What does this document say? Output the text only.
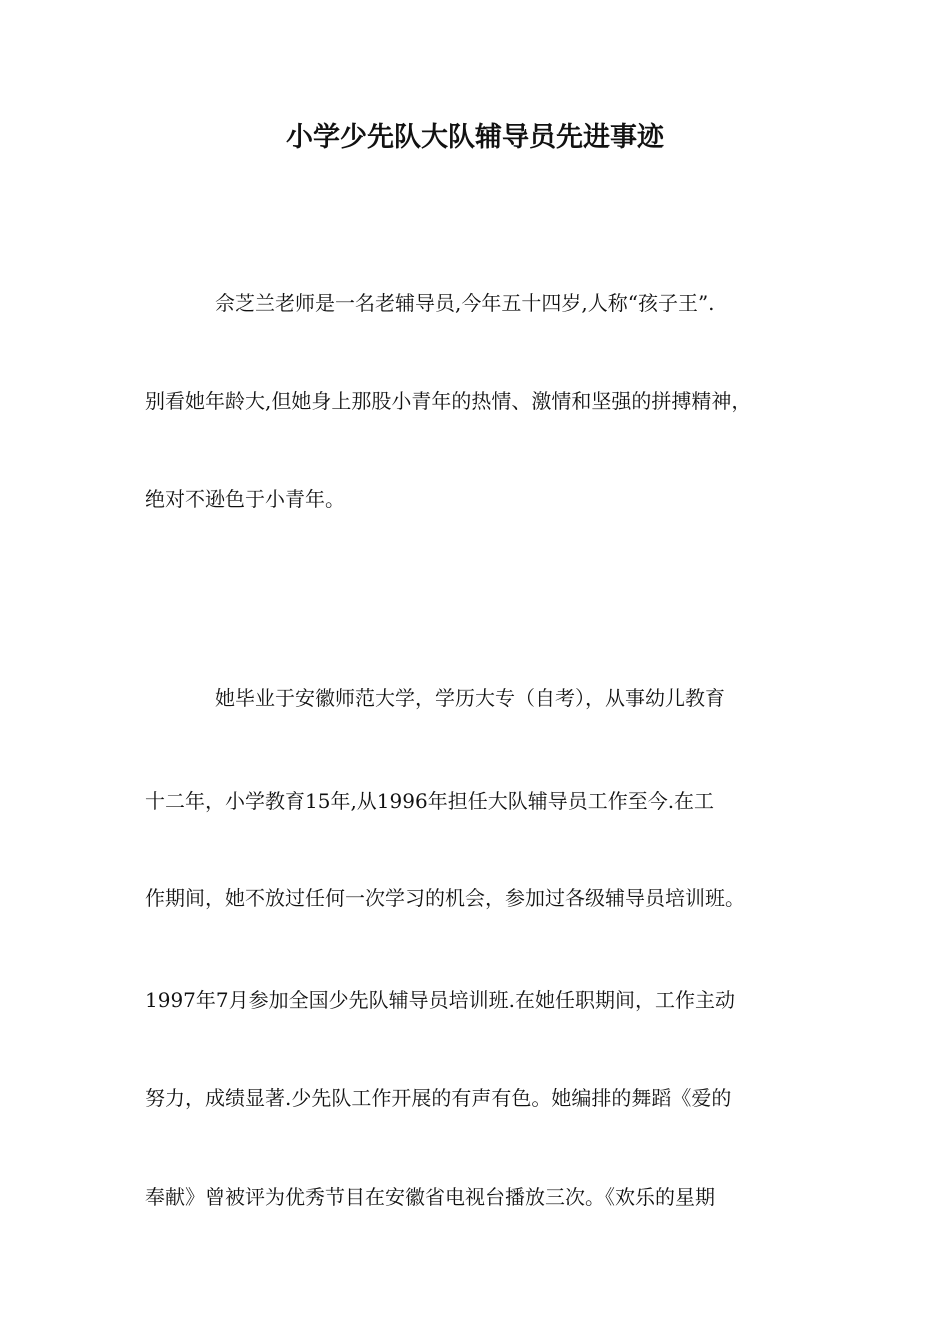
小学少先队大队辅导员先进事迹

佘芝兰老师是一名老辅导员,今年五十四岁,人称“孩子王”.

别看她年龄大,但她身上那股小青年的热情、激情和坚强的拼搏精神，

绝对不逊色于小青年。

她毕业于安徽师范大学，学历大专（自考），从事幼儿教育

十二年，小学教育15年,从1996年担任大队辅导员工作至今.在工

作期间，她不放过任何一次学习的机会，参加过各级辅导员培训班。

1997年7月参加全国少先队辅导员培训班.在她任职期间，工作主动

努力，成绩显著.少先队工作开展的有声有色。她编排的舞蹈《爱的

奉献》曾被评为优秀节目在安徽省电视台播放三次。《欢乐的星期
